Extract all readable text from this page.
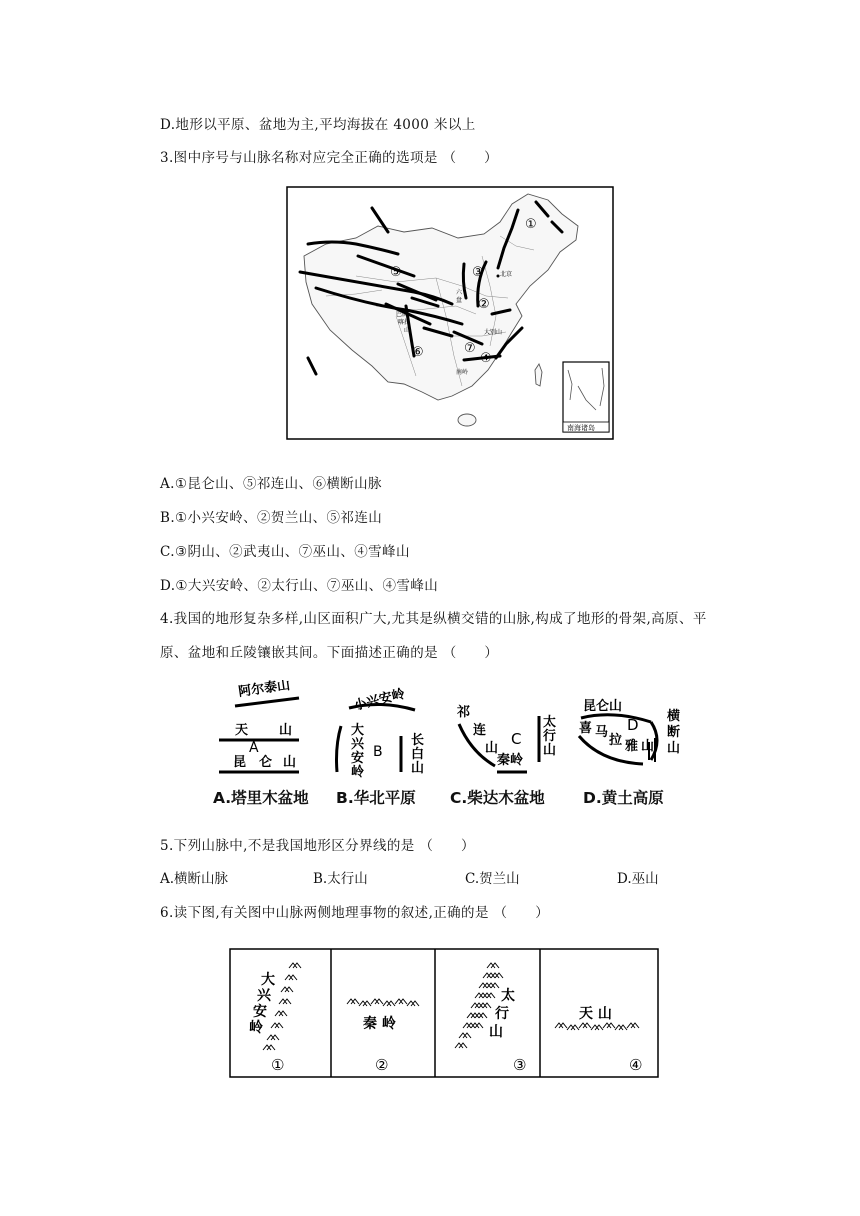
D.地形以平原、盆地为主,平均海拔在 4000 米以上
3.图中序号与山脉名称对应完全正确的选项是 （　　）
①
②
③
④
⑤
⑥	⑦
北京
大别山
南岭
巴颜
喀拉
山
六
盘
南海诸岛
A.①昆仑山、⑤祁连山、⑥横断山脉
B.①小兴安岭、②贺兰山、⑤祁连山
C.③阴山、②武夷山、⑦巫山、④雪峰山
D.①大兴安岭、②太行山、⑦巫山、④雪峰山
4.我国的地形复杂多样,山区面积广大,尤其是纵横交错的山脉,构成了地形的骨架,高原、平原、盆地和丘陵镶嵌其间。下面描述正确的是 （　　）
阿尔泰山
天 山
A
昆 仑 山
小兴安岭
大
兴
安
岭
B
长
白
山
祁
连
山
C
秦岭
太
行
山
昆仑山
喜 马
拉 雅 山
D 横
断
山
A.塔里木盆地 B.华北平原 C.柴达木盆地 D.黄土高原
5.下列山脉中,不是我国地形区分界线的是 （　　）
A.横断山脉	B.太行山	C.贺兰山	D.巫山
6.读下图,有关图中山脉两侧地理事物的叙述,正确的是 （　　）
大
兴
安
岭
①
秦 岭
②
太
行
山
③
天 山
④
